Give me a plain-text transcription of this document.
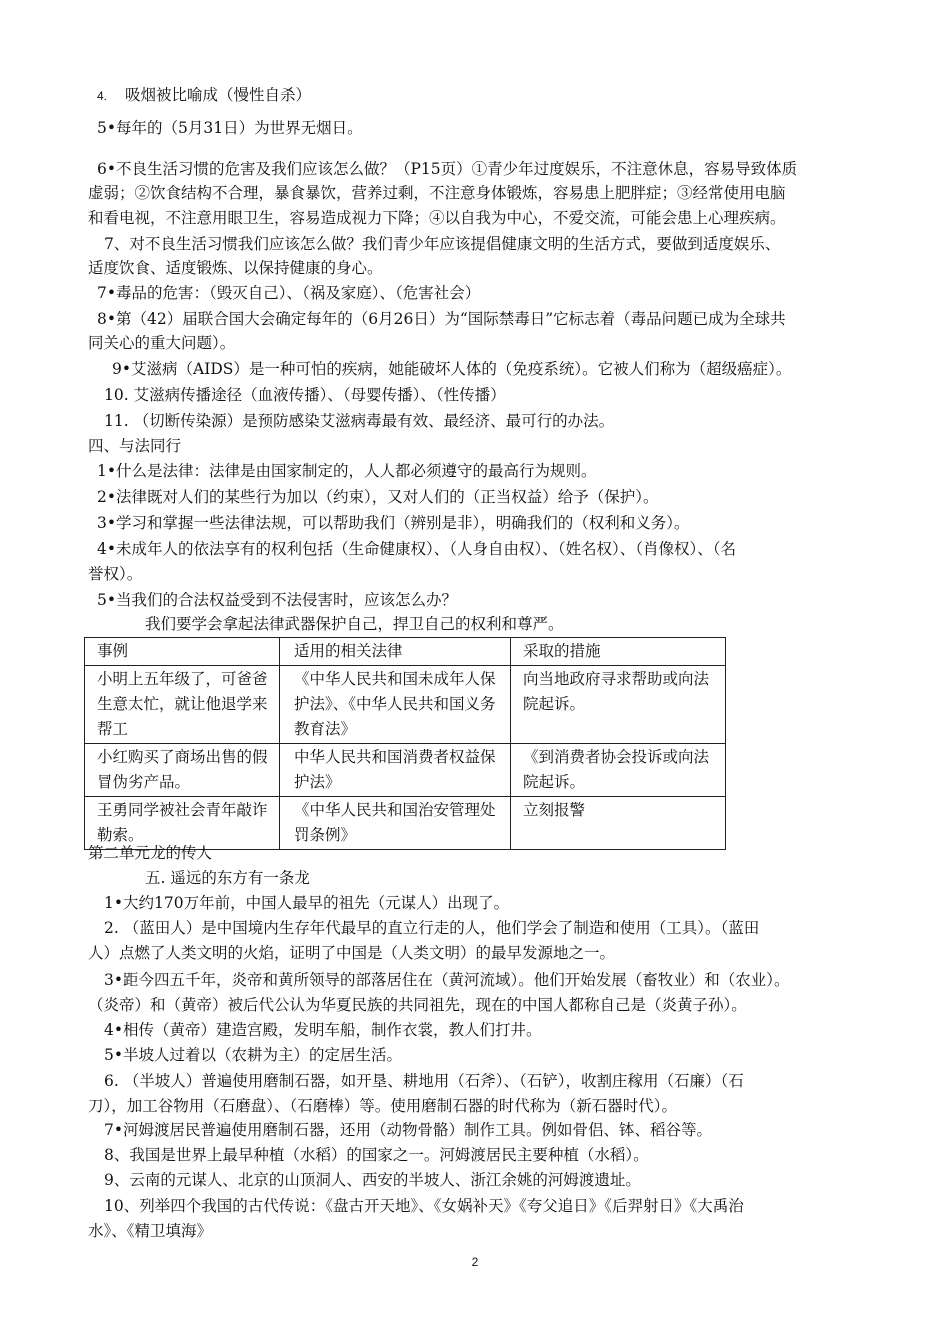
4. 吸烟被比喻成（慢性自杀）
5•每年的（5月31日）为世界无烟日。
6•不良生活习惯的危害及我们应该怎么做？（P15页）①青少年过度娱乐，不注意休息，容易导致体质
虚弱；②饮食结构不合理，暴食暴饮，营养过剩，不注意身体锻炼，容易患上肥胖症；③经常使用电脑
和看电视，不注意用眼卫生，容易造成视力下降；④以自我为中心，不爱交流，可能会患上心理疾病。
7、对不良生活习惯我们应该怎么做？我们青少年应该提倡健康文明的生活方式，要做到适度娱乐、
适度饮食、适度锻炼、以保持健康的身心。
7•毒品的危害：（毁灭自己）、（祸及家庭）、（危害社会）
8•第（42）届联合国大会确定每年的（6月26日）为“国际禁毒日”它标志着（毒品问题已成为全球共
同关心的重大问题）。
9•艾滋病（AIDS）是一种可怕的疾病，她能破坏人体的（免疫系统）。它被人们称为（超级癌症）。
10. 艾滋病传播途径（血液传播）、（母婴传播）、（性传播）
11. （切断传染源）是预防感染艾滋病毒最有效、最经济、最可行的办法。
四、与法同行
1•什么是法律：法律是由国家制定的，人人都必须遵守的最高行为规则。
2•法律既对人们的某些行为加以（约束），又对人们的（正当权益）给予（保护）。
3•学习和掌握一些法律法规，可以帮助我们（辨别是非），明确我们的（权利和义务）。
4•未成年人的依法享有的权利包括（生命健康权）、（人身自由权）、（姓名权）、（肖像权）、（名
誉权）。
5•当我们的合法权益受到不法侵害时，应该怎么办？
我们要学会拿起法律武器保护自己，捍卫自己的权利和尊严。
事例	适用的相关法律	采取的措施
小明上五年级了，可爸爸生意太忙，就让他退学来帮工	《中华人民共和国未成年人保护法》、《中华人民共和国义务教育法》	向当地政府寻求帮助或向法院起诉。
小红购买了商场出售的假冒伪劣产品。	中华人民共和国消费者权益保护法》	《到消费者协会投诉或向法院起诉。
王勇同学被社会青年敲诈勒索。	《中华人民共和国治安管理处罚条例》	立刻报警
第二单元龙的传人
五. 遥远的东方有一条龙
1•大约170万年前，中国人最早的祖先（元谋人）出现了。
2. （蓝田人）是中国境内生存年代最早的直立行走的人，他们学会了制造和使用（工具）。（蓝田
人）点燃了人类文明的火焰，证明了中国是（人类文明）的最早发源地之一。
3•距今四五千年，炎帝和黄所领导的部落居住在（黄河流域）。他们开始发展（畜牧业）和（农业）。
（炎帝）和（黄帝）被后代公认为华夏民族的共同祖先，现在的中国人都称自己是（炎黄子孙）。
4•相传（黄帝）建造宫殿，发明车船，制作衣裳，教人们打井。
5•半坡人过着以（农耕为主）的定居生活。
6. （半坡人）普遍使用磨制石器，如开垦、耕地用（石斧）、（石铲），收割庄稼用（石廉）（石
刀），加工谷物用（石磨盘）、（石磨棒）等。使用磨制石器的时代称为（新石器时代）。
7•河姆渡居民普遍使用磨制石器，还用（动物骨骼）制作工具。例如骨侣、钵、稻谷等。
8、我国是世界上最早种植（水稻）的国家之一。河姆渡居民主要种植（水稻）。
9、云南的元谋人、北京的山顶洞人、西安的半坡人、浙江余姚的河姆渡遗址。
10、列举四个我国的古代传说：《盘古开天地》、《女娲补天》《夸父追日》《后羿射日》《大禹治
水》、《精卫填海》
2
